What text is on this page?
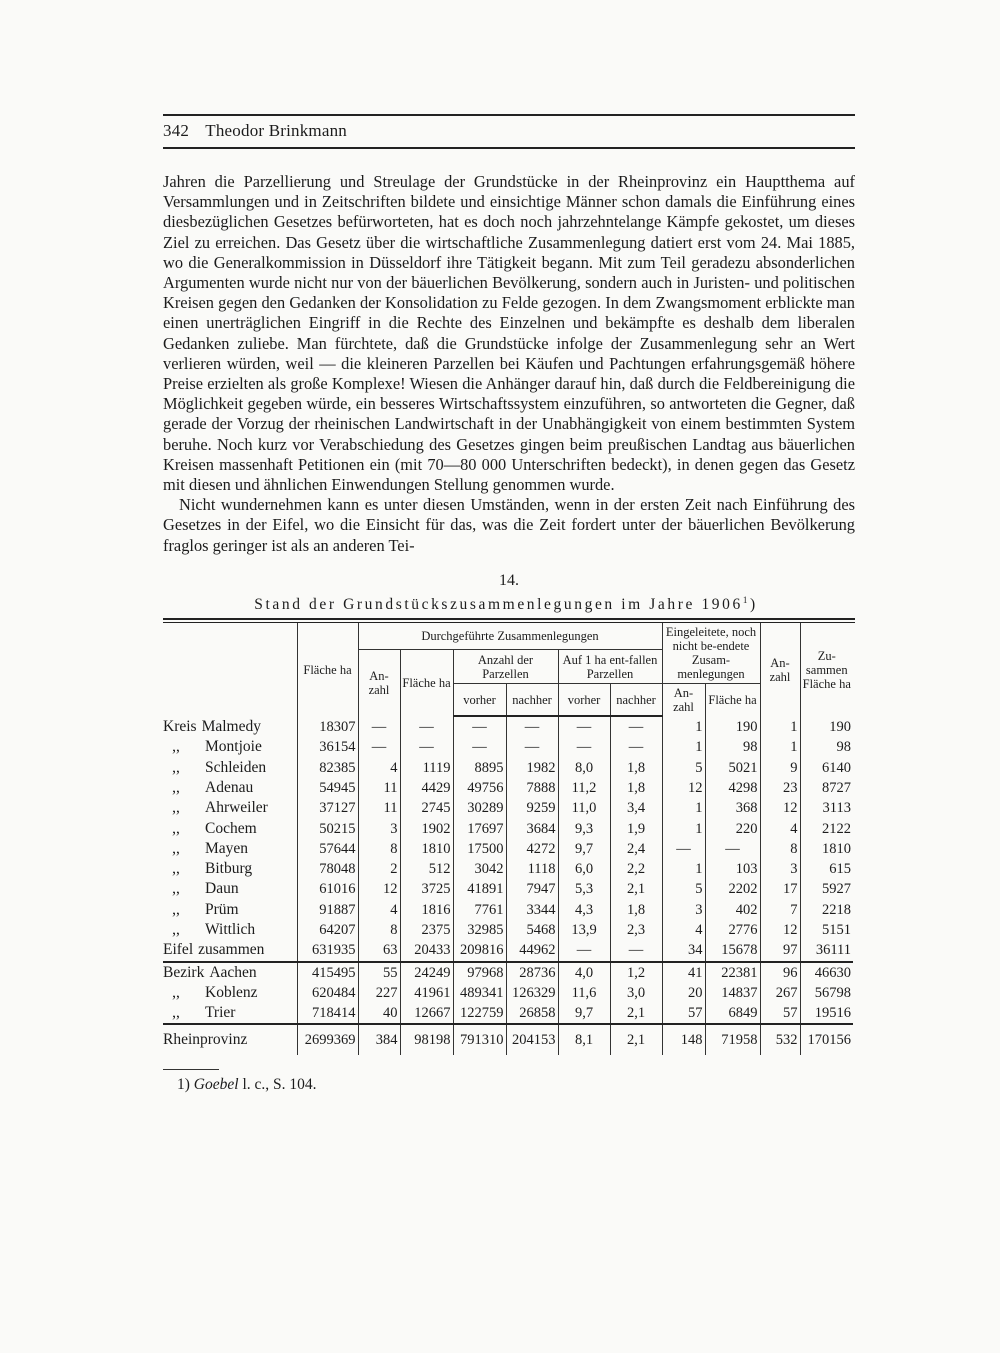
342 Theodor Brinkmann

Jahren die Parzellierung und Streulage der Grundstücke in der Rheinprovinz ein Hauptthema auf Versammlungen und in Zeitschriften bildete und einsichtige Männer schon damals die Einführung eines diesbezüglichen Gesetzes befürworteten, hat es doch noch jahrzehntelange Kämpfe gekostet, um dieses Ziel zu erreichen. Das Gesetz über die wirtschaftliche Zusammenlegung datiert erst vom 24. Mai 1885, wo die Generalkommission in Düsseldorf ihre Tätigkeit begann. Mit zum Teil geradezu absonderlichen Argumenten wurde nicht nur von der bäuerlichen Bevölkerung, sondern auch in Juristen- und politischen Kreisen gegen den Gedanken der Konsolidation zu Felde gezogen. In dem Zwangsmoment erblickte man einen unerträglichen Eingriff in die Rechte des Einzelnen und bekämpfte es deshalb dem liberalen Gedanken zuliebe. Man fürchtete, daß die Grundstücke infolge der Zusammenlegung sehr an Wert verlieren würden, weil — die kleineren Parzellen bei Käufen und Pachtungen erfahrungsgemäß höhere Preise erzielten als große Komplexe! Wiesen die Anhänger darauf hin, daß durch die Feldbereinigung die Möglichkeit gegeben würde, ein besseres Wirtschaftssystem einzuführen, so antworteten die Gegner, daß gerade der Vorzug der rheinischen Landwirtschaft in der Unabhängigkeit von einem bestimmten System beruhe. Noch kurz vor Verabschiedung des Gesetzes gingen beim preußischen Landtag aus bäuerlichen Kreisen massenhaft Petitionen ein (mit 70—80 000 Unterschriften bedeckt), in denen gegen das Gesetz mit diesen und ähnlichen Einwendungen Stellung genommen wurde.

Nicht wundernehmen kann es unter diesen Umständen, wenn in der ersten Zeit nach Einführung des Gesetzes in der Eifel, wo die Einsicht für das, was die Zeit fordert unter der bäuerlichen Bevölkerung fraglos geringer ist als an anderen Tei-

14.
Stand der Grundstückszusammenlegungen im Jahre 1906$^1$)
	Fläche ha	Durchgeführte Zusammenlegungen						Eingeleitete, noch nicht be-endete Zusam-menlegungen		An-zahl	Zu-sammen Fläche ha
		An-zahl	Fläche ha	Anzahl der Parzellen		Auf 1 ha ent-fallen Parzellen					
								An-zahl	Fläche ha		
				vorher	nachher	vorher	nachher				
Kreis Malmedy	18307	—	—	—	—	—	—	1	190	1	190
,, Montjoie	36154	—	—	—	—	—	—	1	98	1	98
,, Schleiden	82385	4	1119	8895	1982	8,0	1,8	5	5021	9	6140
,, Adenau	54945	11	4429	49756	7888	11,2	1,8	12	4298	23	8727
,, Ahrweiler	37127	11	2745	30289	9259	11,0	3,4	1	368	12	3113
,, Cochem	50215	3	1902	17697	3684	9,3	1,9	1	220	4	2122
,, Mayen	57644	8	1810	17500	4272	9,7	2,4	—	—	8	1810
,, Bitburg	78048	2	512	3042	1118	6,0	2,2	1	103	3	615
,, Daun	61016	12	3725	41891	7947	5,3	2,1	5	2202	17	5927
,, Prüm	91887	4	1816	7761	3344	4,3	1,8	3	402	7	2218
,, Wittlich	64207	8	2375	32985	5468	13,9	2,3	4	2776	12	5151
Eifel zusammen	631935	63	20433	209816	44962	—	—	34	15678	97	36111
Bezirk Aachen	415495	55	24249	97968	28736	4,0	1,2	41	22381	96	46630
,, Koblenz	620484	227	41961	489341	126329	11,6	3,0	20	14837	267	56798
,, Trier	718414	40	12667	122759	26858	9,7	2,1	57	6849	57	19516
Rheinprovinz	2699369	384	98198	791310	204153	8,1	2,1	148	71958	532	170156
1) Goebel l. c., S. 104.
